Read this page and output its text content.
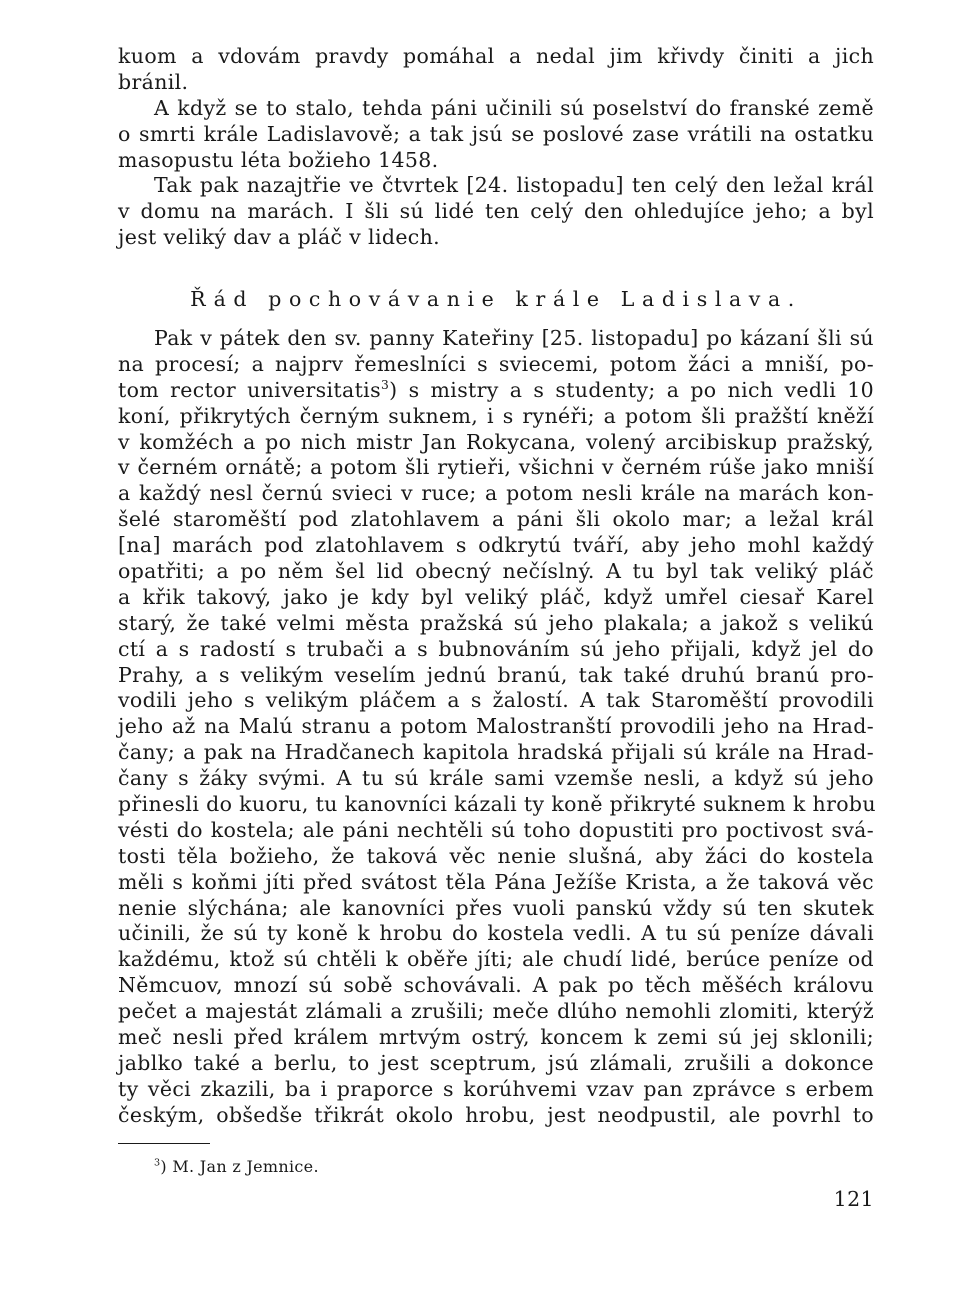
kuom a vdovám pravdy pomáhal a nedal jim křivdy činiti a jich
bránil.
A když se to stalo, tehda páni učinili sú poselství do franské země
o smrti krále Ladislavově; a tak jsú se poslové zase vrátili na ostatku
masopustu léta božieho 1458.
Tak pak nazajtřie ve čtvrtek [24. listopadu] ten celý den ležal král
v domu na marách. I šli sú lidé ten celý den ohledujíce jeho; a byl
jest veliký dav a pláč v lidech.
Řád pochovávanie krále Ladislava.
Pak v pátek den sv. panny Kateřiny [25. listopadu] po kázaní šli sú
na procesí; a najprv řemeslníci s sviecemi, potom žáci a mniší, po-
tom rector universitatis$^3$) s mistry a s studenty; a po nich vedli 10
koní, přikrytých černým suknem, i s rynéři; a potom šli pražští kněží
v komžéch a po nich mistr Jan Rokycana, volený arcibiskup pražský,
v černém ornátě; a potom šli rytieři, všichni v černém rúše jako mniší
a každý nesl černú svieci v ruce; a potom nesli krále na marách kon-
šelé staroměští pod zlatohlavem a páni šli okolo mar; a ležal král
[na] marách pod zlatohlavem s odkrytú tváří, aby jeho mohl každý
opatřiti; a po něm šel lid obecný nečíslný. A tu byl tak veliký pláč
a křik takový, jako je kdy byl veliký pláč, když umřel ciesař Karel
starý, že také velmi města pražská sú jeho plakala; a jakož s velikú
ctí a s radostí s trubači a s bubnováním sú jeho přijali, když jel do
Prahy, a s velikým veselím jednú branú, tak také druhú branú pro-
vodili jeho s velikým pláčem a s žalostí. A tak Staroměští provodili
jeho až na Malú stranu a potom Malostranští provodili jeho na Hrad-
čany; a pak na Hradčanech kapitola hradská přijali sú krále na Hrad-
čany s žáky svými. A tu sú krále sami vzemše nesli, a když sú jeho
přinesli do kuoru, tu kanovníci kázali ty koně přikryté suknem k hrobu
vésti do kostela; ale páni nechtěli sú toho dopustiti pro poctivost svá-
tosti těla božieho, že taková věc nenie slušná, aby žáci do kostela
měli s koňmi jíti před svátost těla Pána Ježíše Krista, a že taková věc
nenie slýchána; ale kanovníci přes vuoli panskú vždy sú ten skutek
učinili, že sú ty koně k hrobu do kostela vedli. A tu sú peníze dávali
každému, ktož sú chtěli k oběře jíti; ale chudí lidé, berúce peníze od
Němcuov, mnozí sú sobě schovávali. A pak po těch měšéch královu
pečet a majestát zlámali a zrušili; meče dlúho nemohli zlomiti, kterýž
meč nesli před králem mrtvým ostrý, koncem k zemi sú jej sklonili;
jablko také a berlu, to jest sceptrum, jsú zlámali, zrušili a dokonce
ty věci zkazili, ba i praporce s korúhvemi vzav pan zprávce s erbem
českým, obšedše třikrát okolo hrobu, jest neodpustil, ale povrhl to
$^3$) M. Jan z Jemnice.
121
